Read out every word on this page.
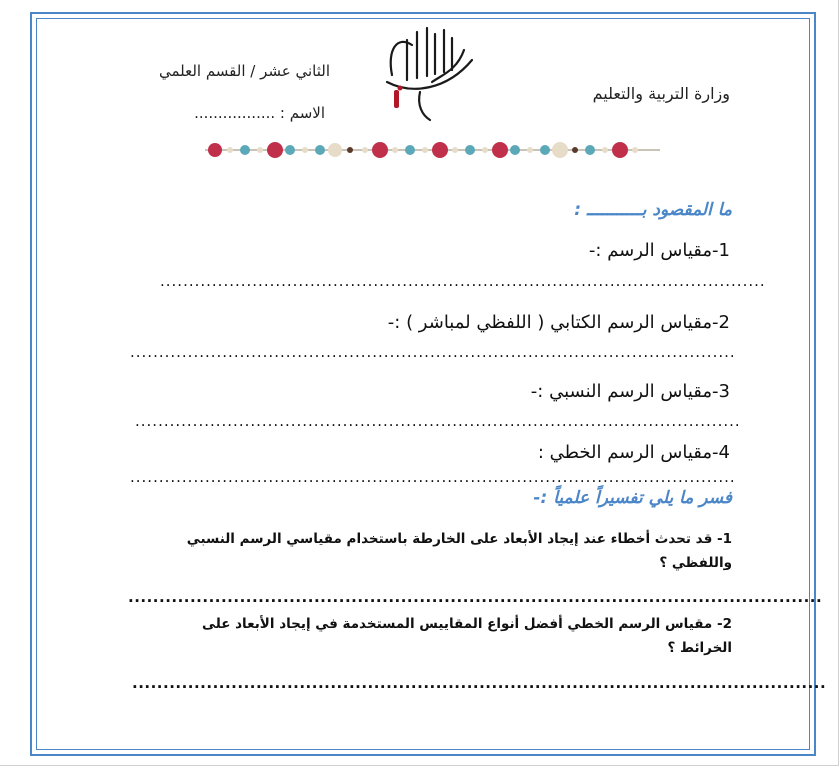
وزارة التربية والتعليم
الثاني عشر / القسم العلمي
الاسم : .................
ما المقصود بـــــــــــ :
1-مقياس الرسم :-
.........................................................................................................
2-مقياس الرسم الكتابي ( اللفظي لمباشر ) :-
.........................................................................................................
3-مقياس الرسم النسبي :-
.........................................................................................................
4-مقياس الرسم الخطي :
.........................................................................................................
فسر ما يلي تفسيراً علمياً :-
1- قد تحدث أخطاء عند إيجاد الأبعاد على الخارطة باستخدام مقياسي الرسم النسبي
واللفظي ؟
................................................................................................................
2- مقياس الرسم الخطي أفضل أنواع المقاييس المستخدمة في إيجاد الأبعاد على
الخرائط ؟
................................................................................................................
